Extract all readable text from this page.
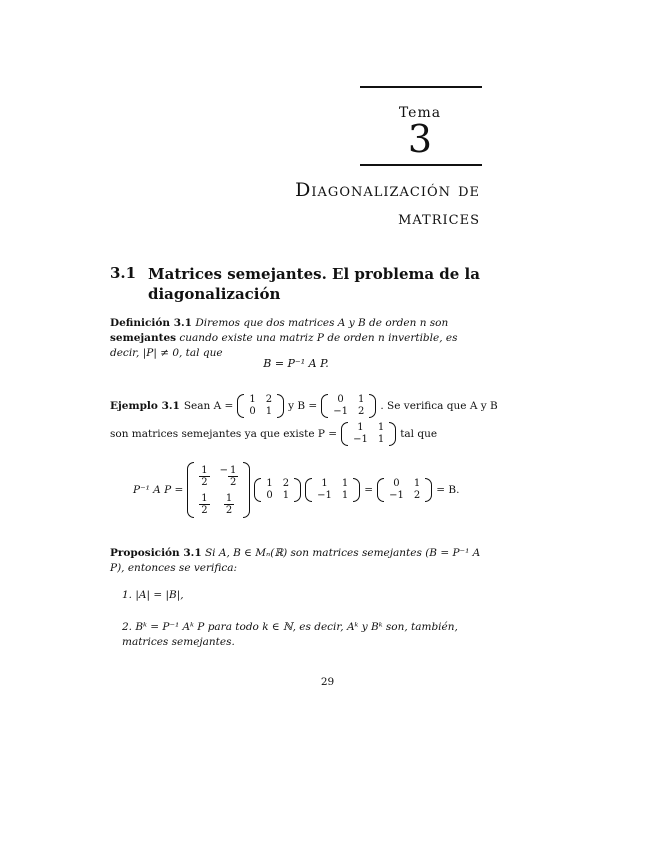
Tema
3
Diagonalización de
matrices
3.1 Matrices semejantes. El problema de la diagonalización
Definición 3.1 Diremos que dos matrices A y B de orden n son semejantes cuando existe una matriz P de orden n invertible, es decir, |P| ≠ 0, tal que
B = P⁻¹ A P.
Ejemplo 3.1 Sean A =
1	2
0	1 y B =
0	1
−1	2 . Se verifica que A y B
son matrices semejantes ya que existe P =
1	1
−1	1 tal que
P⁻¹ A P =
$\frac{1}{2}$	− $\frac{1}{2}$

$\frac{1}{2}$	$\frac{1}{2}$
1	2
0	1
1	1
−1	1 =
0	1
−1	2 = B.
Proposición 3.1 Si A, B ∈ Mₙ(ℝ) son matrices semejantes (B = P⁻¹ A P), entonces se verifica:
1. |A| = |B|,
2. Bᵏ = P⁻¹ Aᵏ P para todo k ∈ ℕ, es decir, Aᵏ y Bᵏ son, también, matrices semejantes.
29
